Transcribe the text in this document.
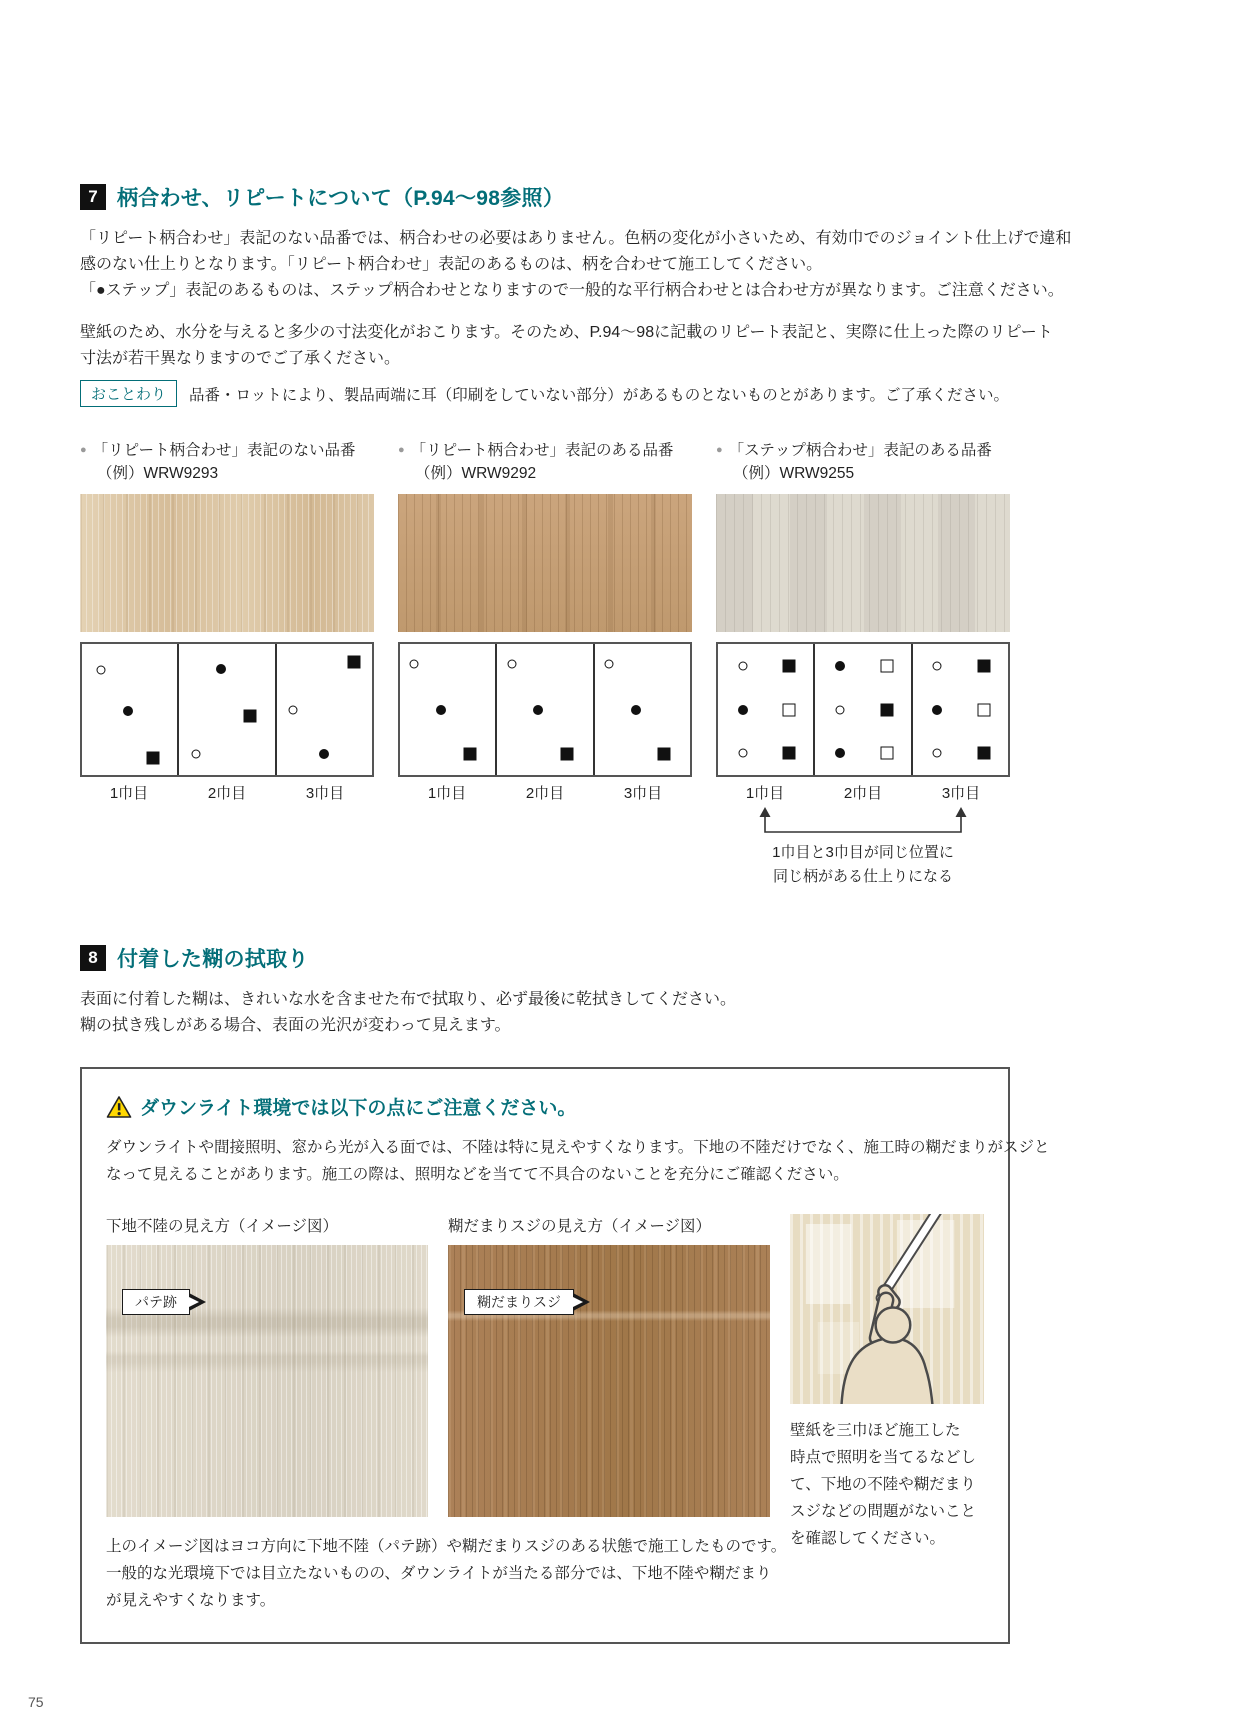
7 柄合わせ、リピートについて（P.94～98参照）
「リピート柄合わせ」表記のない品番では、柄合わせの必要はありません。色柄の変化が小さいため、有効巾でのジョイント仕上げで違和
感のない仕上りとなります。「リピート柄合わせ」表記のあるものは、柄を合わせて施工してください。
「●ステップ」表記のあるものは、ステップ柄合わせとなりますので一般的な平行柄合わせとは合わせ方が異なります。ご注意ください。
壁紙のため、水分を与えると多少の寸法変化がおこります。そのため、P.94～98に記載のリピート表記と、実際に仕上った際のリピート
寸法が若干異なりますのでご了承ください。
おことわり	品番・ロットにより、製品両端に耳（印刷をしていない部分）があるものとないものとがあります。ご了承ください。
● 「リピート柄合わせ」表記のない品番
（例）WRW9293
1巾目	2巾目	3巾目
● 「リピート柄合わせ」表記のある品番
（例）WRW9292
1巾目	2巾目	3巾目
● 「ステップ柄合わせ」表記のある品番
（例）WRW9255
1巾目	2巾目	3巾目
1巾目と3巾目が同じ位置に
同じ柄がある仕上りになる
8 付着した糊の拭取り
表面に付着した糊は、きれいな水を含ませた布で拭取り、必ず最後に乾拭きしてください。
糊の拭き残しがある場合、表面の光沢が変わって見えます。
ダウンライト環境では以下の点にご注意ください。
ダウンライトや間接照明、窓から光が入る面では、不陸は特に見えやすくなります。下地の不陸だけでなく、施工時の糊だまりがスジと
なって見えることがあります。施工の際は、照明などを当てて不具合のないことを充分にご確認ください。
下地不陸の見え方（イメージ図）	糊だまりスジの見え方（イメージ図）
パテ跡	糊だまりスジ
上のイメージ図はヨコ方向に下地不陸（パテ跡）や糊だまりスジのある状態で施工したものです。
一般的な光環境下では目立たないものの、ダウンライトが当たる部分では、下地不陸や糊だまり
が見えやすくなります。
壁紙を三巾ほど施工した
時点で照明を当てるなどし
て、下地の不陸や糊だまり
スジなどの問題がないこと
を確認してください。
75
